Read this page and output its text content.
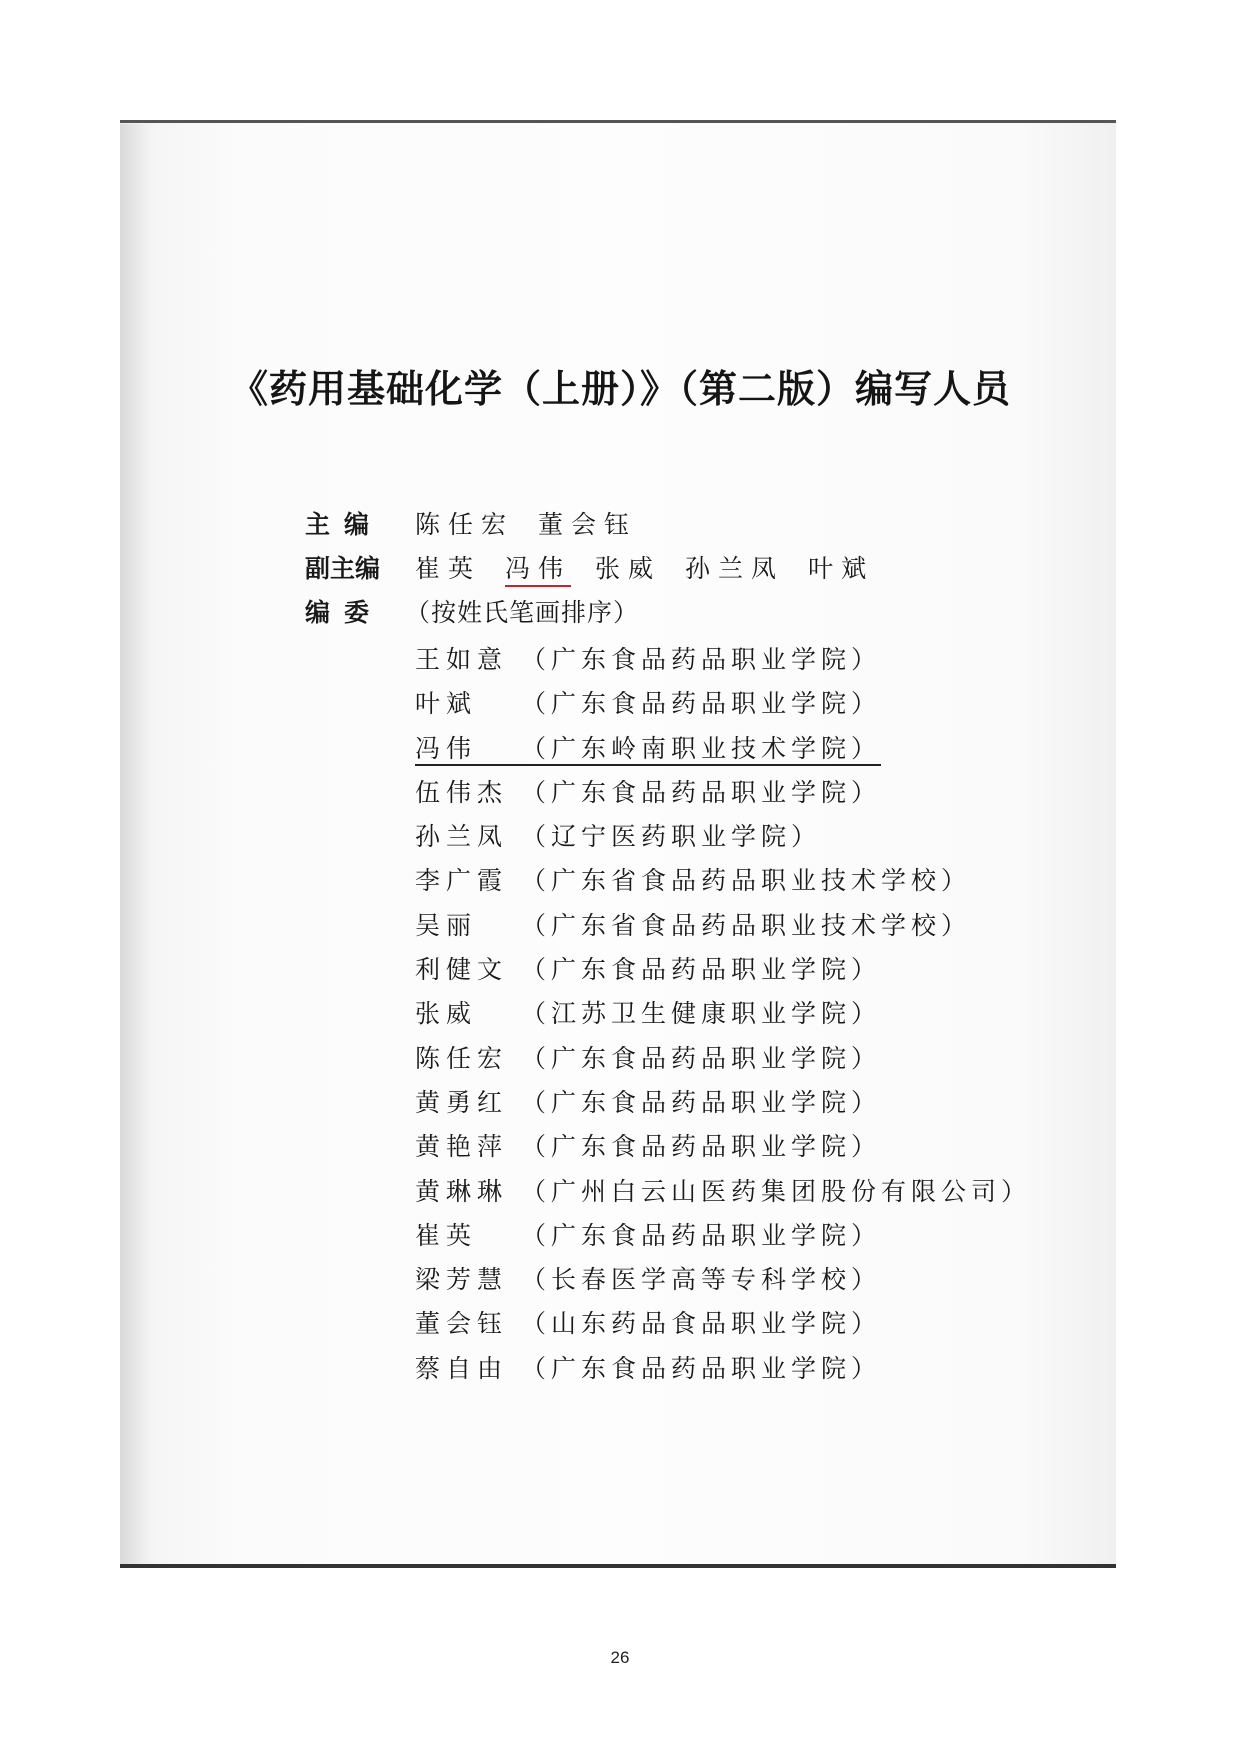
《药用基础化学（上册）》（第二版）编写人员
主编 陈任宏 董会钰
副主编 崔英 冯伟 张威 孙兰凤 叶斌
编委 （按姓氏笔画排序）
王如意 （广东食品药品职业学院）
叶斌 （广东食品药品职业学院）
冯伟 （广东岭南职业技术学院）
伍伟杰 （广东食品药品职业学院）
孙兰凤 （辽宁医药职业学院）
李广霞 （广东省食品药品职业技术学校）
吴丽 （广东省食品药品职业技术学校）
利健文 （广东食品药品职业学院）
张威 （江苏卫生健康职业学院）
陈任宏 （广东食品药品职业学院）
黄勇红 （广东食品药品职业学院）
黄艳萍 （广东食品药品职业学院）
黄琳琳 （广州白云山医药集团股份有限公司）
崔英 （广东食品药品职业学院）
梁芳慧 （长春医学高等专科学校）
董会钰 （山东药品食品职业学院）
蔡自由 （广东食品药品职业学院）
26
